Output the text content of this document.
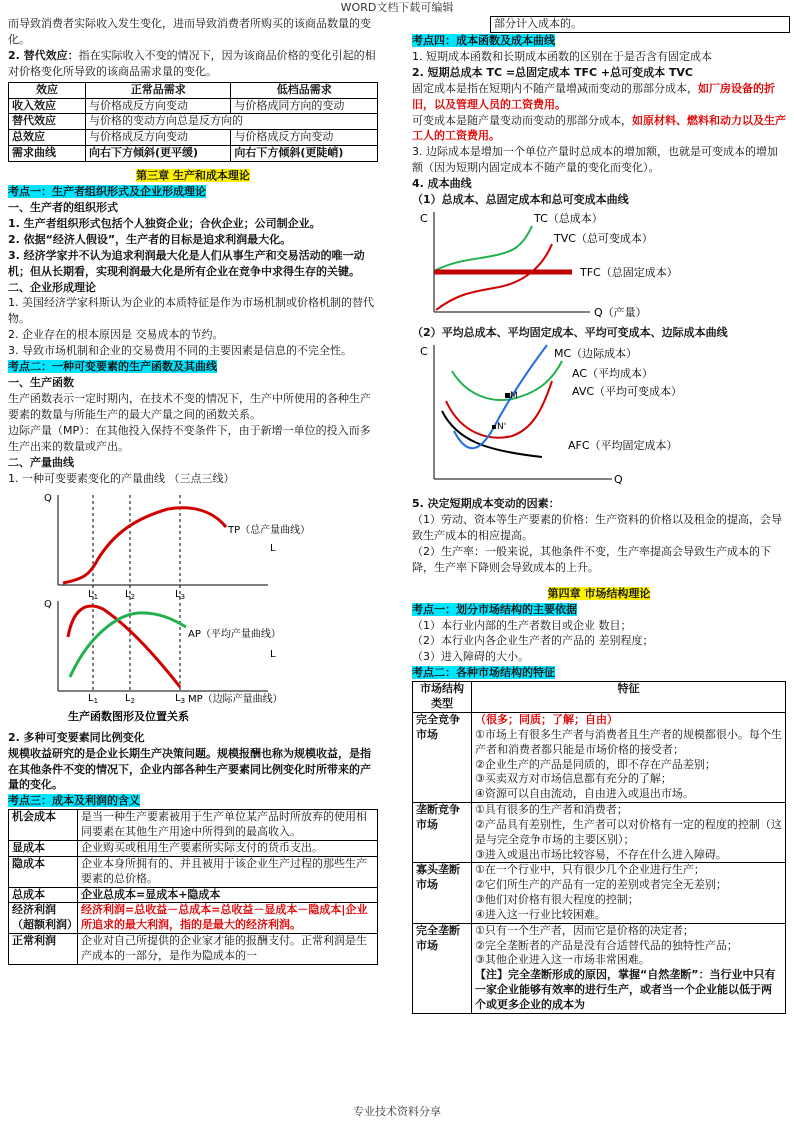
WORD文档下载可编辑

而导致消费者实际收入发生变化，进而导致消费者所购买的该商品数量的变化。

2. 替代效应：指在实际收入不变的情况下，因为该商品价格的变化引起的相对价格变化所导致的该商品需求量的变化。

效应	正常品需求	低档品需求
收入效应	与价格成反方向变动	与价格成同方向的变动
替代效应	与价格的变动方向总是反方向的	
总效应	与价格成反方向变动	与价格成反方向变动
需求曲线	向右下方倾斜(更平缓)	向右下方倾斜(更陡峭)

第三章 生产和成本理论

考点一：生产者组织形式及企业形成理论

一、生产者的组织形式

1. 生产者组织形式包括个人独资企业；合伙企业；公司制企业。

2. 依据“经济人假设”，生产者的目标是追求利润最大化。

3. 经济学家并不认为追求利润最大化是人们从事生产和交易活动的唯一动机；但从长期看，实现利润最大化是所有企业在竞争中求得生存的关键。

二、企业形成理论

1. 美国经济学家科斯认为企业的本质特征是作为市场机制或价格机制的替代物。

2. 企业存在的根本原因是 交易成本的节约。

3. 导致市场机制和企业的交易费用不同的主要因素是信息的不完全性。

考点二：一种可变要素的生产函数及其曲线

一、生产函数

生产函数表示一定时期内，在技术不变的情况下，生产中所使用的各种生产要素的数量与所能生产的最大产量之间的函数关系。

边际产量（MP）：在其他投入保持不变条件下，由于新增一单位的投入而多生产出来的数量或产出。

二、产量曲线

1. 一种可变要素变化的产量曲线 （三点三线）

Q
Q
L
L
TP（总产量曲线）
AP（平均产量曲线）
MP（边际产量曲线）
$L_1$	$L_2$	$L_3$
$L_1$	$L_2$	$L_3$
生产函数图形及位置关系

2. 多种可变要素同比例变化

规模收益研究的是企业长期生产决策问题。规模报酬也称为规模收益，是指在其他条件不变的情况下，企业内部各种生产要素同比例变化时所带来的产量的变化。

考点三：成本及利润的含义

机会成本	是当一种生产要素被用于生产单位某产品时所放弃的使用相同要素在其他生产用途中所得到的最高收入。
显成本	企业购买或租用生产要素所实际支付的货币支出。
隐成本	企业本身所拥有的、并且被用于该企业生产过程的那些生产要素的总价格。
总成本	企业总成本=显成本+隐成本
经济利润（超额利润）	经济利润=总收益－总成本=总收益－显成本－隐成本|企业所追求的最大利润，指的是最大的经济利润。
正常利润	企业对自己所提供的企业家才能的报酬支付。正常利润是生产成本的一部分，是作为隐成本的一
部分计入成本的。

考点四：成本函数及成本曲线

1. 短期成本函数和长期成本函数的区别在于是否含有固定成本

2. 短期总成本 TC =总固定成本 TFC +总可变成本 TVC

固定成本是指在短期内不随产量增减而变动的那部分成本，如厂房设备的折旧，以及管理人员的工资费用。

可变成本是随产量变动而变动的那部分成本，如原材料、燃料和动力以及生产工人的工资费用。

3. 边际成本是增加一个单位产量时总成本的增加额，也就是可变成本的增加额（因为短期内固定成本不随产量的变化而变化）。

4. 成本曲线

（1）总成本、总固定成本和总可变成本曲线

C	TC（总成本）
TVC（总可变成本）
TFC（总固定成本）
Q（产量）

（2）平均总成本、平均固定成本、平均可变成本、边际成本曲线

M
N'
C	MC（边际成本）
AC（平均成本）
AVC（平均可变成本）
AFC（平均固定成本）
Q

5. 决定短期成本变动的因素：

（1）劳动、资本等生产要素的价格：生产资料的价格以及租金的提高，会导致生产成本的相应提高。

（2）生产率：一般来说，其他条件不变，生产率提高会导致生产成本的下降，生产率下降则会导致成本的上升。

第四章 市场结构理论

考点一：划分市场结构的主要依据

（1）本行业内部的生产者数目或企业 数目；

（2）本行业内各企业生产者的产品的 差别程度；

（3）进入障碍的大小。

考点二：各种市场结构的特征

市场结构类型	特征
完全竞争市场	（很多；同质；了解；自由）
①市场上有很多生产者与消费者且生产者的规模都很小。每个生产者和消费者都只能是市场价格的接受者；
②企业生产的产品是同质的，即不存在产品差别；
③买卖双方对市场信息都有充分的了解；
④资源可以自由流动，自由进入或退出市场。

垄断竞争市场	①具有很多的生产者和消费者；
②产品具有差别性，生产者可以对价格有一定的程度的控制（这是与完全竞争市场的主要区别）；
③进入或退出市场比较容易，不存在什么进入障碍。

寡头垄断市场	①在一个行业中，只有很少几个企业进行生产；
②它们所生产的产品有一定的差别或者完全无差别；
③他们对价格有很大程度的控制；
④进入这一行业比较困难。

完全垄断市场	①只有一个生产者，因而它是价格的决定者；
②完全垄断者的产品是没有合适替代品的独特性产品；
③其他企业进入这一市场非常困难。
【注】完全垄断形成的原因，掌握“自然垄断”：当行业中只有一家企业能够有效率的进行生产，或者当一个企业能以低于两个或更多企业的成本为
专业技术资料分享
